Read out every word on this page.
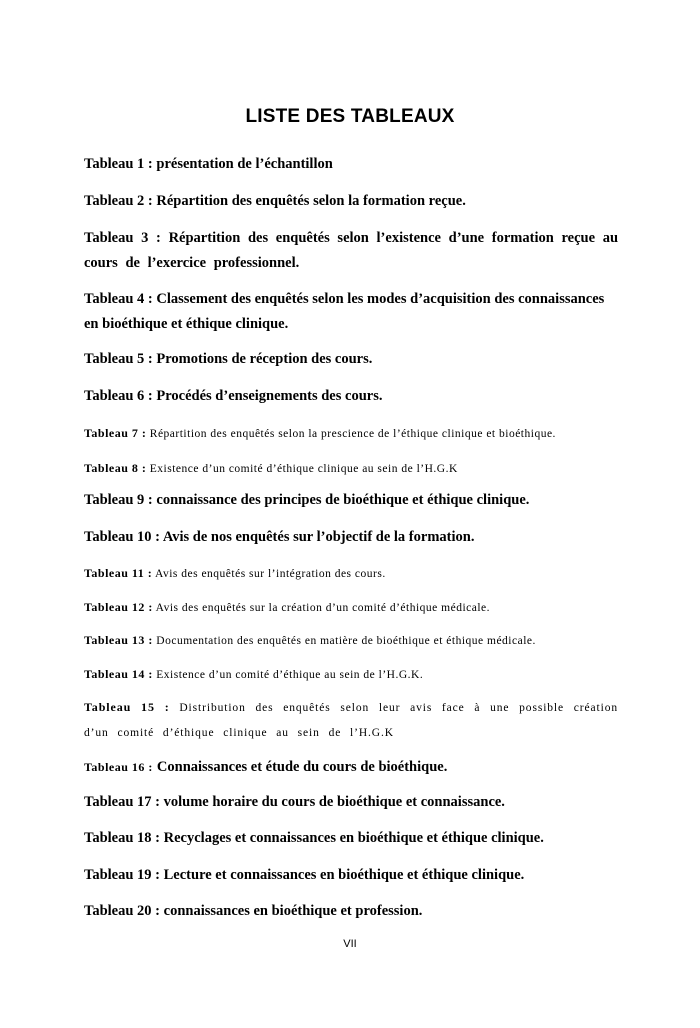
LISTE DES TABLEAUX

Tableau 1 : présentation de l’échantillon

Tableau 2 : Répartition des enquêtés selon la formation reçue.

Tableau 3 : Répartition des enquêtés selon l’existence d’une formation reçue au cours de l’exercice professionnel.

Tableau 4 : Classement des enquêtés selon les modes d’acquisition des connaissances en bioéthique et éthique clinique.

Tableau 5 : Promotions de réception des cours.

Tableau 6 : Procédés d’enseignements des cours.

Tableau 7 : Répartition des enquêtés selon la prescience de l’éthique clinique et bioéthique.

Tableau 8 : Existence d’un comité d’éthique clinique au sein de l’H.G.K

Tableau 9 : connaissance des principes de bioéthique et éthique clinique.

Tableau 10 : Avis de nos enquêtés sur l’objectif de la formation.

Tableau 11 : Avis des enquêtés sur l’intégration des cours.

Tableau 12 : Avis des enquêtés sur la création d’un comité d’éthique médicale.

Tableau 13 : Documentation des enquêtés en matière de bioéthique et éthique médicale.

Tableau 14 : Existence d’un comité d’éthique au sein de l’H.G.K.

Tableau 15 : Distribution des enquêtés selon leur avis face à une possible création d’un comité d’éthique clinique au sein de l’H.G.K

Tableau 16 : Connaissances et étude du cours de bioéthique.

Tableau 17 : volume horaire du cours de bioéthique et connaissance.

Tableau 18 : Recyclages et connaissances en bioéthique et éthique clinique.

Tableau 19 : Lecture et connaissances en bioéthique et éthique clinique.

Tableau 20 : connaissances en bioéthique et profession.

VII
